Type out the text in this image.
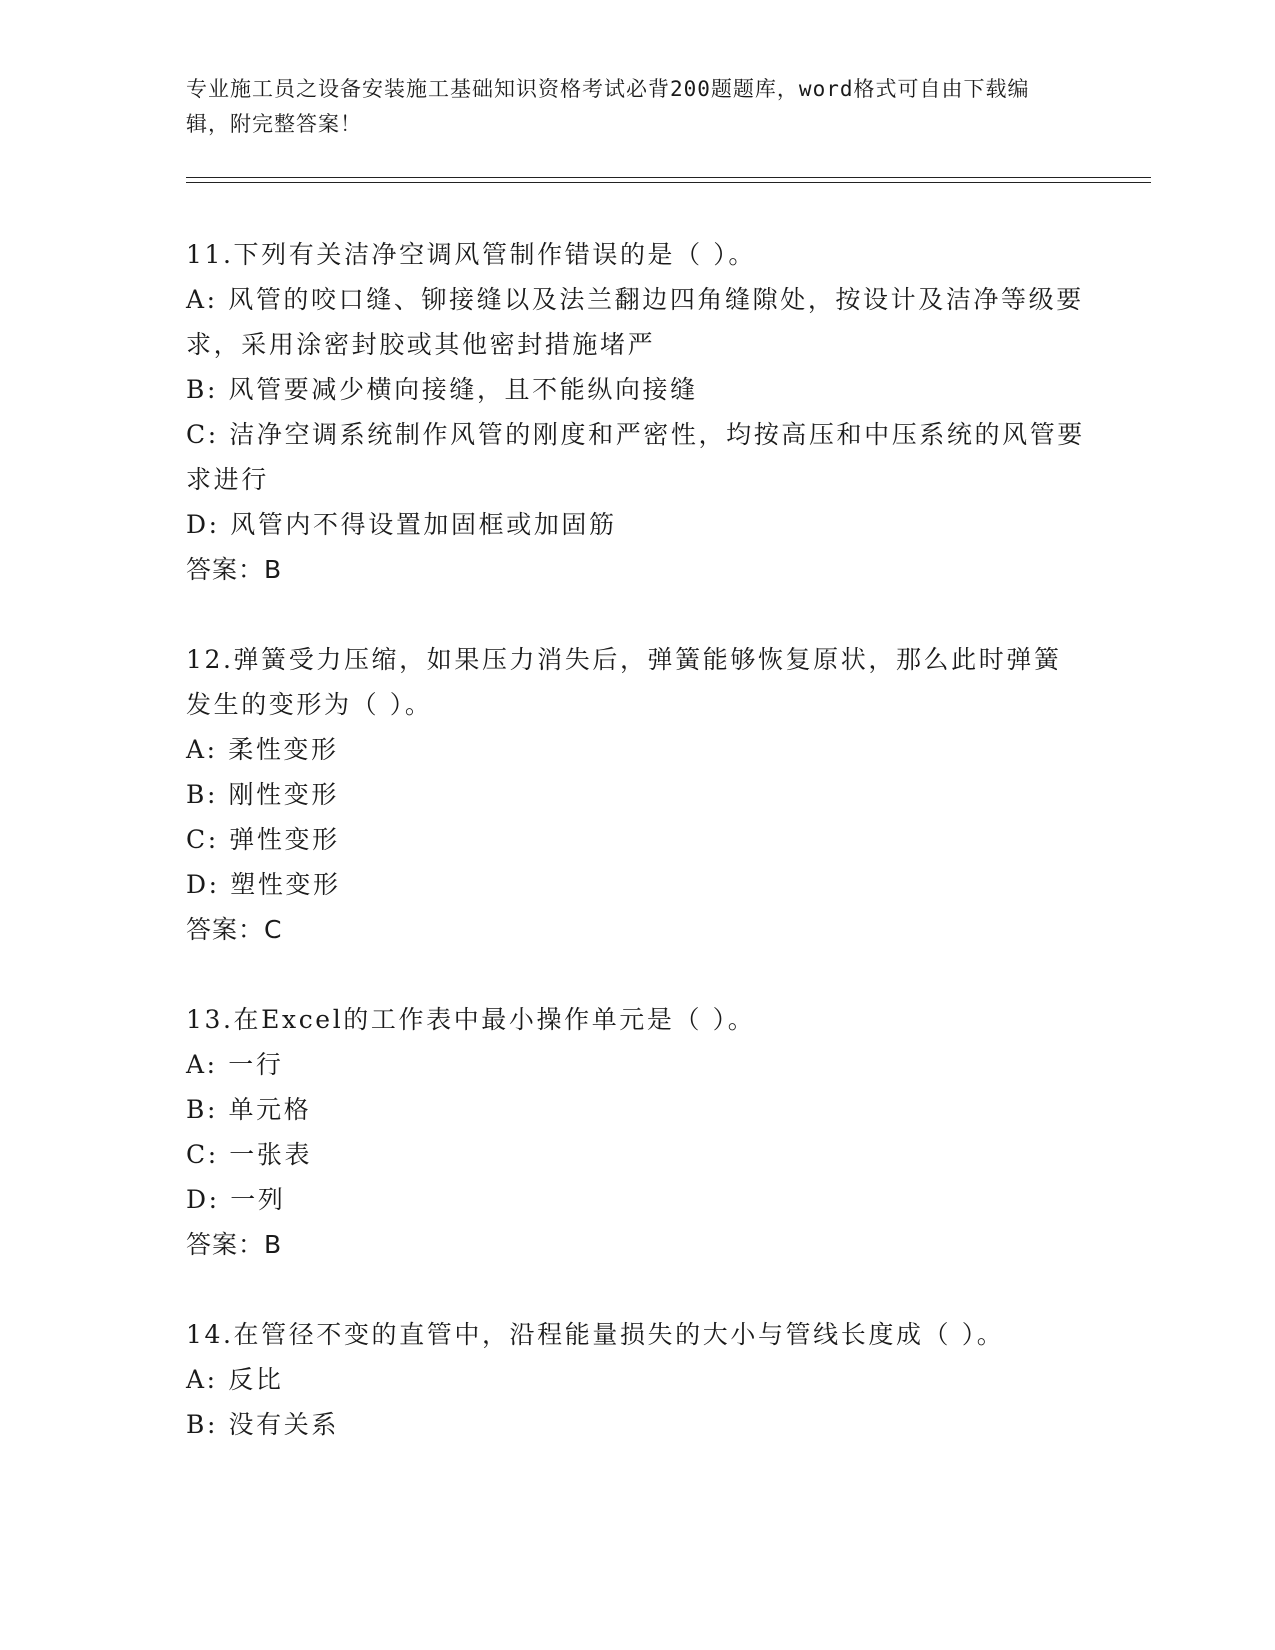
专业施工员之设备安装施工基础知识资格考试必背200题题库，word格式可自由下载编辑，附完整答案！

11.下列有关洁净空调风管制作错误的是（ ）。

A: 风管的咬口缝、铆接缝以及法兰翻边四角缝隙处，按设计及洁净等级要求，采用涂密封胶或其他密封措施堵严

B: 风管要减少横向接缝，且不能纵向接缝

C: 洁净空调系统制作风管的刚度和严密性，均按高压和中压系统的风管要求进行

D: 风管内不得设置加固框或加固筋

答案：B

12.弹簧受力压缩，如果压力消失后，弹簧能够恢复原状，那么此时弹簧发生的变形为（ ）。

A: 柔性变形

B: 刚性变形

C: 弹性变形

D: 塑性变形

答案：C

13.在Excel的工作表中最小操作单元是（ ）。

A: 一行

B: 单元格

C: 一张表

D: 一列

答案：B

14.在管径不变的直管中，沿程能量损失的大小与管线长度成（ ）。

A: 反比

B: 没有关系
